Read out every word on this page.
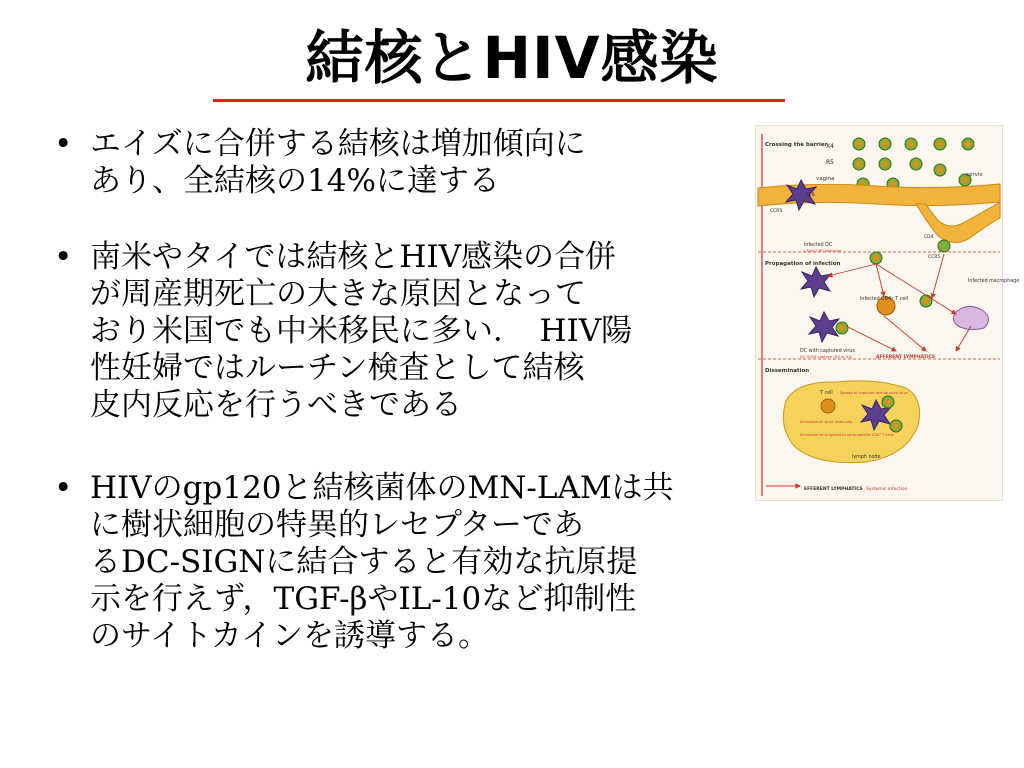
結核とHIV感染
• エイズに合併する結核は増加傾向に
あり、全結核の14%に達する
• 南米やタイでは結核とHIV感染の合併
が周産期死亡の大きな原因となって
おり米国でも中米移民に多い．　HIV陽
性妊婦ではルーチン検査として結核
皮内反応を行うべきである
• HIVのgp120と結核菌体のMN-LAMは共
に樹状細胞の特異的レセプターであ
るDC-SIGNに結合すると有効な抗原提
示を行えず，TGF-βやIL-10など抑制性
のサイトカインを誘導する。
Crossing the barrier
Propagation of infection
Dissemination
X4
R5
vagina
cervix
CLR
CCR5
CD4
CCR5
Infected DC
CD4/CCR5 infection
Infected CD4⁺ T cell
Infected macrophage
DC with captured virus
DC-SIGN capture (R5 or X4)	AFFERENT LYMPHATICS
T cell Spread of captured and de novo virus
Activation of 'prior' immunity
Enhanced virus spread to virus-specific CD4⁺ T cells
lymph node
EFFERENT LYMPHATICS Systemic infection
